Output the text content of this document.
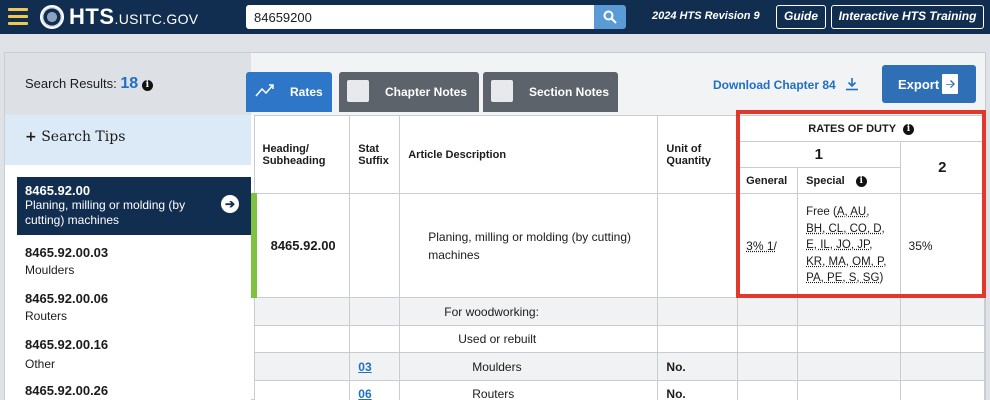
HTS.USITC.GOV
84659200	2024 HTS Revision 9	Guide	Interactive HTS Training
Search Results: 18 i	Download Chapter 84	Export
+ Search Tips
8465.92.00
Planing, milling or molding (by cutting) machines
➔
8465.92.00.03
Moulders
8465.92.00.06
Routers
8465.92.00.16
Other
8465.92.00.26
Heading/ Subheading	Stat Suffix	Article Description	Unit of Quantity	RATES OF DUTY i		
				1		2
				General	Special i	
8465.92.00		Planing, milling or molding (by cutting) machines		3% 1/	Free (A, AU, BH, CL, CO, D, E, IL, JO, JP, KR, MA, OM, P, PA, PE, S, SG)	35%
		For woodworking:				
		Used or rebuilt				
	03	Moulders	No.			
	06	Routers	No.			
Rates	Chapter Notes	Section Notes
